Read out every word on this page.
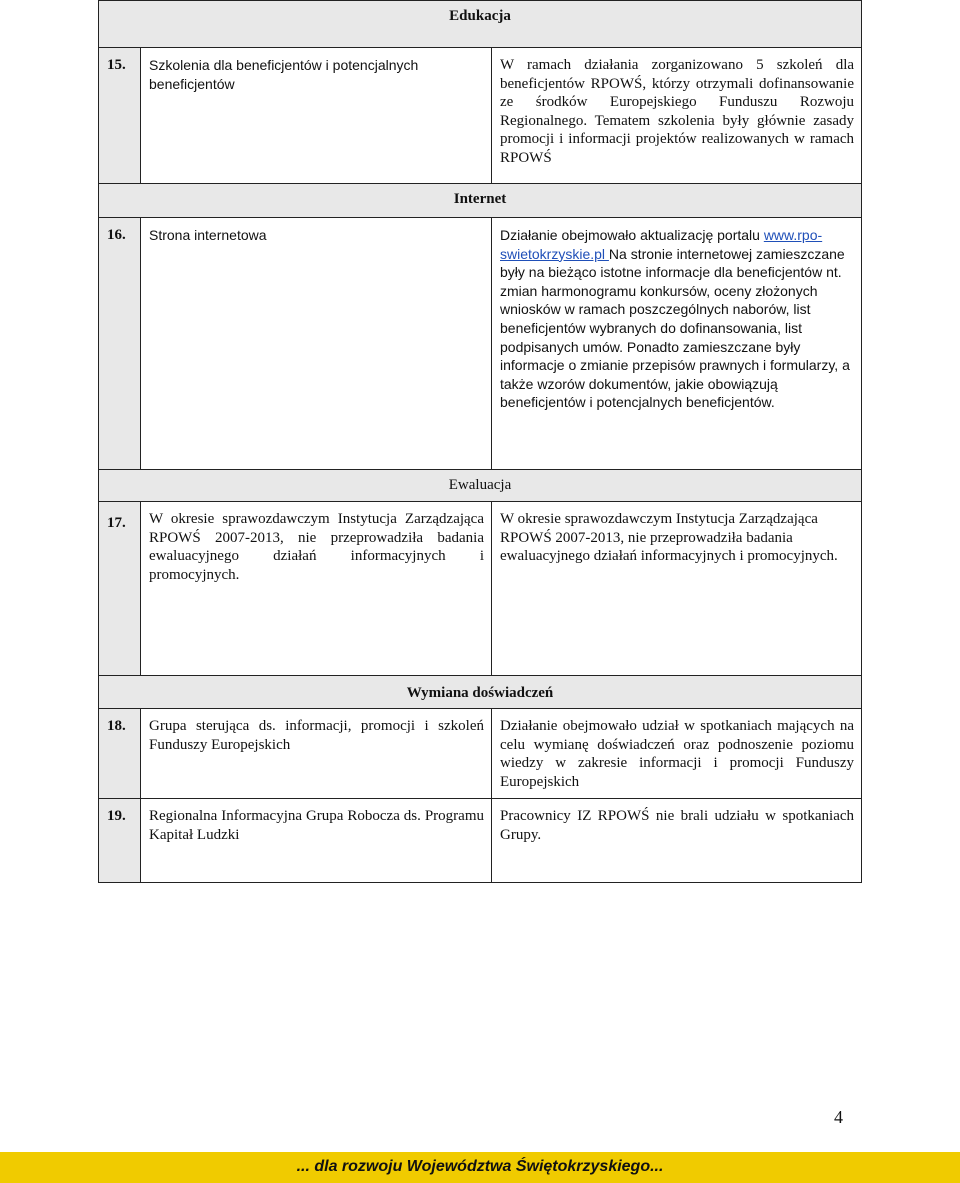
Edukacja		
15.	Szkolenia dla beneficjentów i potencjalnych beneficjentów	W ramach działania zorganizowano 5 szkoleń dla beneficjentów RPOWŚ, którzy otrzymali dofinansowanie ze środków Europejskiego Funduszu Rozwoju Regionalnego. Tematem szkolenia były głównie zasady promocji i informacji projektów realizowanych w ramach RPOWŚ
Internet		
16.	Strona internetowa	Działanie obejmowało aktualizację portalu www.rpo-swietokrzyskie.pl Na stronie internetowej zamieszczane były na bieżąco istotne informacje dla beneficjentów nt. zmian harmonogramu konkursów, oceny złożonych wniosków w ramach poszczególnych naborów, list beneficjentów wybranych do dofinansowania, list podpisanych umów. Ponadto zamieszczane były informacje o zmianie przepisów prawnych i formularzy, a także wzorów dokumentów, jakie obowiązują beneficjentów i potencjalnych beneficjentów.
Ewaluacja		
17.	W okresie sprawozdawczym Instytucja Zarządzająca RPOWŚ 2007-2013, nie przeprowadziła badania ewaluacyjnego działań informacyjnych i promocyjnych.	W okresie sprawozdawczym Instytucja Zarządzająca RPOWŚ 2007-2013, nie przeprowadziła badania ewaluacyjnego działań informacyjnych i promocyjnych.
Wymiana doświadczeń		
18.	Grupa sterująca ds. informacji, promocji i szkoleń Funduszy Europejskich	Działanie obejmowało udział w spotkaniach mających na celu wymianę doświadczeń oraz podnoszenie poziomu wiedzy w zakresie informacji i promocji Funduszy Europejskich
19.	Regionalna Informacyjna Grupa Robocza ds. Programu Kapitał Ludzki	Pracownicy IZ RPOWŚ nie brali udziału w spotkaniach Grupy.
4
... dla rozwoju Województwa Świętokrzyskiego...
